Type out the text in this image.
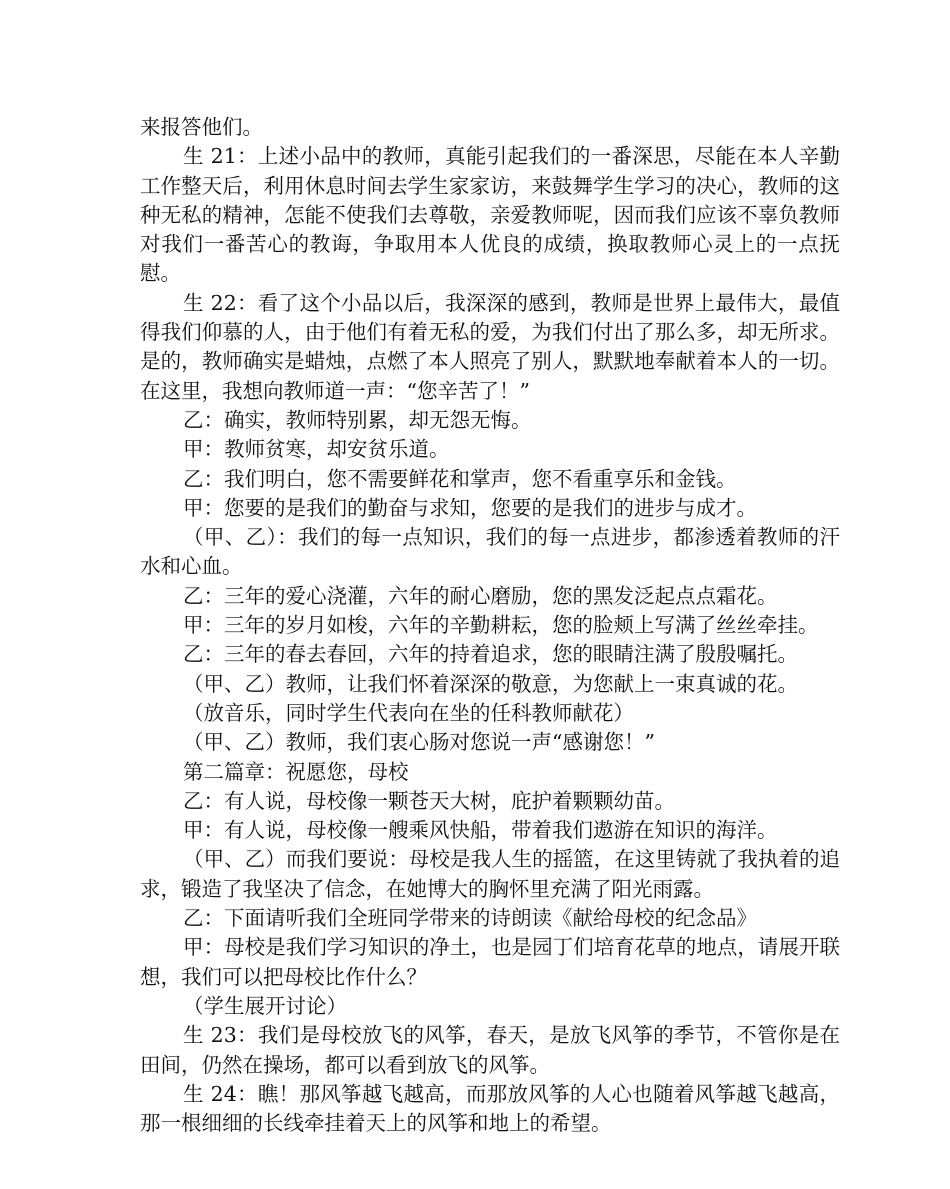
来报答他们。

生 21：上述小品中的教师，真能引起我们的一番深思，尽能在本人辛勤工作整天后，利用休息时间去学生家家访，来鼓舞学生学习的决心，教师的这种无私的精神，怎能不使我们去尊敬，亲爱教师呢，因而我们应该不辜负教师对我们一番苦心的教诲，争取用本人优良的成绩，换取教师心灵上的一点抚慰。

生 22：看了这个小品以后，我深深的感到，教师是世界上最伟大，最值得我们仰慕的人，由于他们有着无私的爱，为我们付出了那么多，却无所求。是的，教师确实是蜡烛，点燃了本人照亮了别人，默默地奉献着本人的一切。在这里，我想向教师道一声：“您辛苦了！”

乙：确实，教师特别累，却无怨无悔。

甲：教师贫寒，却安贫乐道。

乙：我们明白，您不需要鲜花和掌声，您不看重享乐和金钱。

甲：您要的是我们的勤奋与求知，您要的是我们的进步与成才。

（甲、乙）：我们的每一点知识，我们的每一点进步，都渗透着教师的汗水和心血。

乙：三年的爱心浇灌，六年的耐心磨励，您的黑发泛起点点霜花。

甲：三年的岁月如梭，六年的辛勤耕耘，您的脸颊上写满了丝丝牵挂。

乙：三年的春去春回，六年的持着追求，您的眼睛注满了殷殷嘱托。

（甲、乙）教师，让我们怀着深深的敬意，为您献上一束真诚的花。

（放音乐，同时学生代表向在坐的任科教师献花）

（甲、乙）教师，我们衷心肠对您说一声“感谢您！”

第二篇章：祝愿您，母校

乙：有人说，母校像一颗苍天大树，庇护着颗颗幼苗。

甲：有人说，母校像一艘乘风快船，带着我们遨游在知识的海洋。

（甲、乙）而我们要说：母校是我人生的摇篮，在这里铸就了我执着的追求，锻造了我坚决了信念，在她博大的胸怀里充满了阳光雨露。

乙：下面请听我们全班同学带来的诗朗读《献给母校的纪念品》

甲：母校是我们学习知识的净土，也是园丁们培育花草的地点，请展开联想，我们可以把母校比作什么？

（学生展开讨论）

生 23：我们是母校放飞的风筝，春天，是放飞风筝的季节，不管你是在田间，仍然在操场，都可以看到放飞的风筝。

生 24：瞧！那风筝越飞越高，而那放风筝的人心也随着风筝越飞越高，那一根细细的长线牵挂着天上的风筝和地上的希望。
